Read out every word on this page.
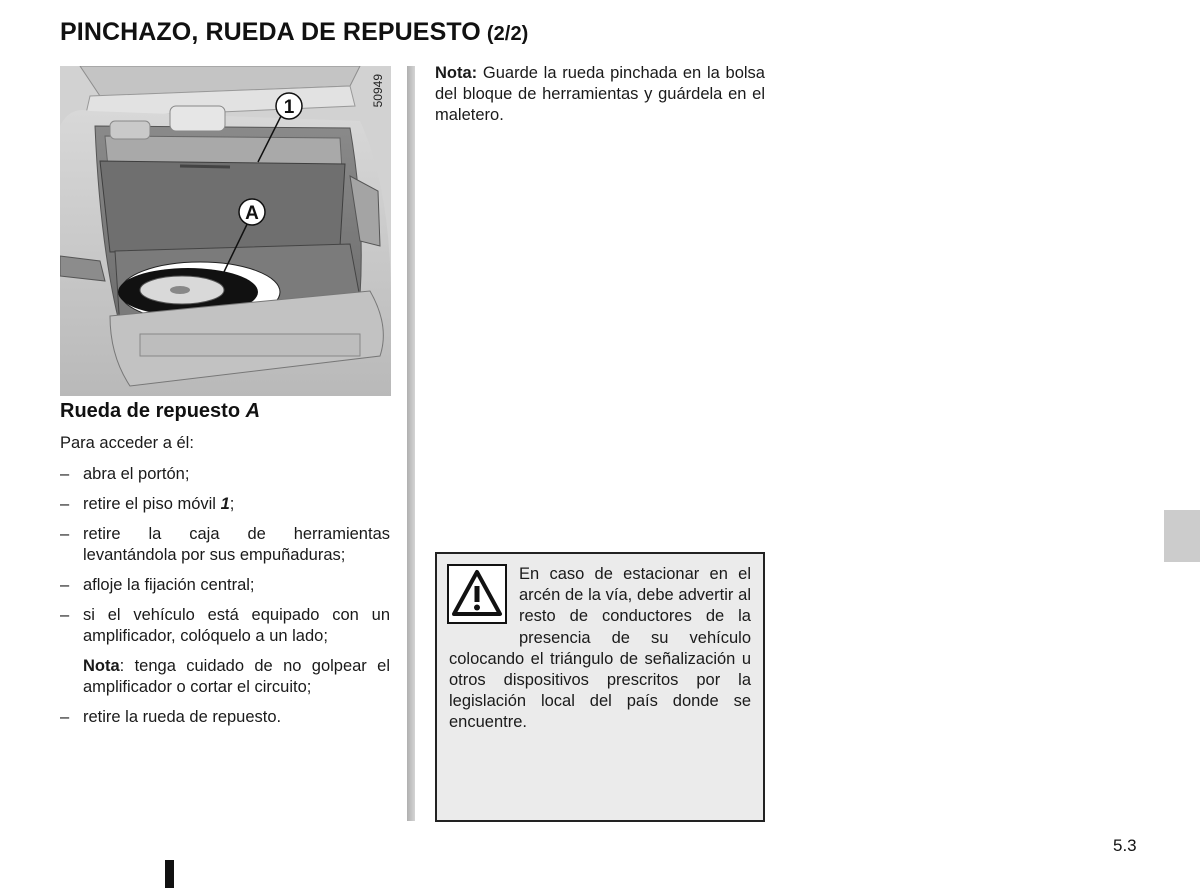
PINCHAZO, RUEDA DE REPUESTO (2/2)
1
A
50949
Rueda de repuesto A

Para acceder a él:

– abra el portón;
– retire el piso móvil 1;
– retire la caja de herramientas levantándola por sus empuñaduras;
– afloje la fijación central;
– si el vehículo está equipado con un amplificador, colóquelo a un lado;
Nota: tenga cuidado de no golpear el amplificador o cortar el circuito;
– retire la rueda de repuesto.

Nota: Guarde la rueda pinchada en la bolsa del bloque de herramientas y guárdela en el maletero.

En caso de estacionar en el arcén de la vía, debe advertir al resto de conductores de la presencia de su vehículo colocando el triángulo de señalización u otros dispositivos prescritos por la legislación local del país donde se encuentre.

5.3
